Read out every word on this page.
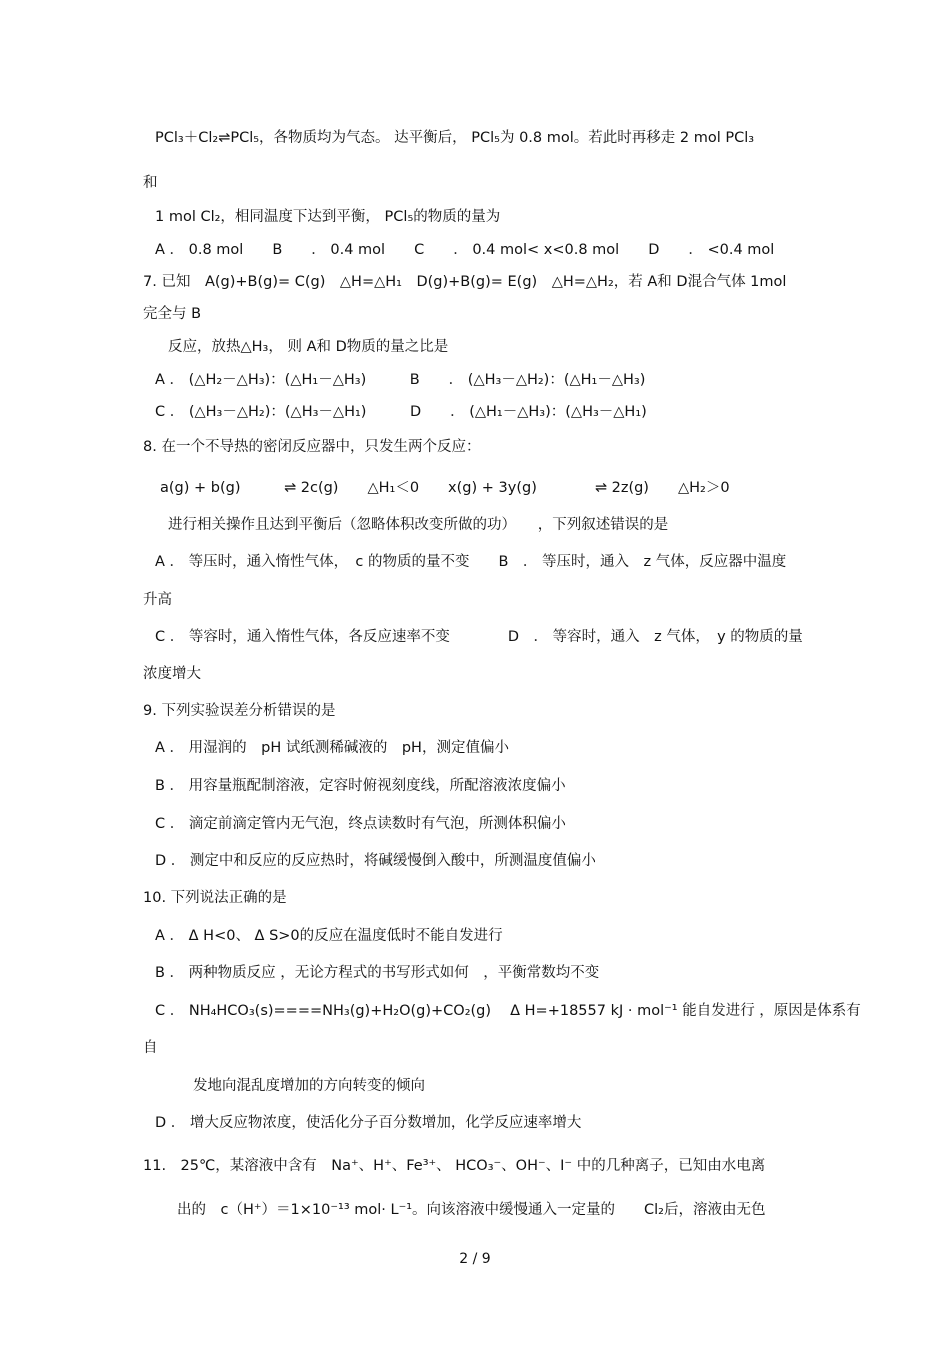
PCl₃＋Cl₂⇌PCl₅，各物质均为气态。 达平衡后， PCl₅为 0.8 mol。若此时再移走 2 mol PCl₃
和
1 mol Cl₂，相同温度下达到平衡， PCl₅的物质的量为
A ． 0.8 mol　　B　　． 0.4 mol　　C　　． 0.4 mol< x<0.8 mol　　D　　． <0.4 mol
7. 已知　A(g)+B(g)= C(g)　△H=△H₁　D(g)+B(g)= E(g)　△H=△H₂，若 A和 D混合气体 1mol
完全与 B
反应，放热△H₃， 则 A和 D物质的量之比是
A ． (△H₂－△H₃)：(△H₁－△H₃)　　　B　　． (△H₃－△H₂)：(△H₁－△H₃)
C ． (△H₃－△H₂)：(△H₃－△H₁)　　　D　　． (△H₁－△H₃)：(△H₃－△H₁)
8. 在一个不导热的密闭反应器中，只发生两个反应：
a(g) + b(g)　　　⇌ 2c(g)　　△H₁＜0　　x(g) + 3y(g)　　　　⇌ 2z(g)　　△H₂＞0
进行相关操作且达到平衡后（忽略体积改变所做的功）　　，下列叙述错误的是
A ． 等压时，通入惰性气体，　c 的物质的量不变　　B　． 等压时，通入　z 气体，反应器中温度
升高
C ． 等容时，通入惰性气体，各反应速率不变　　　　D　． 等容时，通入　z 气体，　y 的物质的量
浓度增大
9. 下列实验误差分析错误的是
A ． 用湿润的　pH 试纸测稀碱液的　pH，测定值偏小
B ． 用容量瓶配制溶液，定容时俯视刻度线，所配溶液浓度偏小
C ． 滴定前滴定管内无气泡，终点读数时有气泡，所测体积偏小
D ． 测定中和反应的反应热时，将碱缓慢倒入酸中，所测温度值偏小
10. 下列说法正确的是
A ． Δ H<0、 Δ S>0的反应在温度低时不能自发进行
B ． 两种物质反应 ，无论方程式的书写形式如何　，平衡常数均不变
C ． NH₄HCO₃(s)====NH₃(g)+H₂O(g)+CO₂(g)　 Δ H=+18557 kJ · mol⁻¹ 能自发进行 ，原因是体系有
自
发地向混乱度增加的方向转变的倾向
D ． 增大反应物浓度，使活化分子百分数增加，化学反应速率增大
11.　25℃，某溶液中含有　Na⁺、H⁺、Fe³⁺、 HCO₃⁻、OH⁻、I⁻ 中的几种离子，已知由水电离
出的　c（H⁺）＝1×10⁻¹³ mol· L⁻¹。向该溶液中缓慢通入一定量的　　Cl₂后，溶液由无色
2 / 9
